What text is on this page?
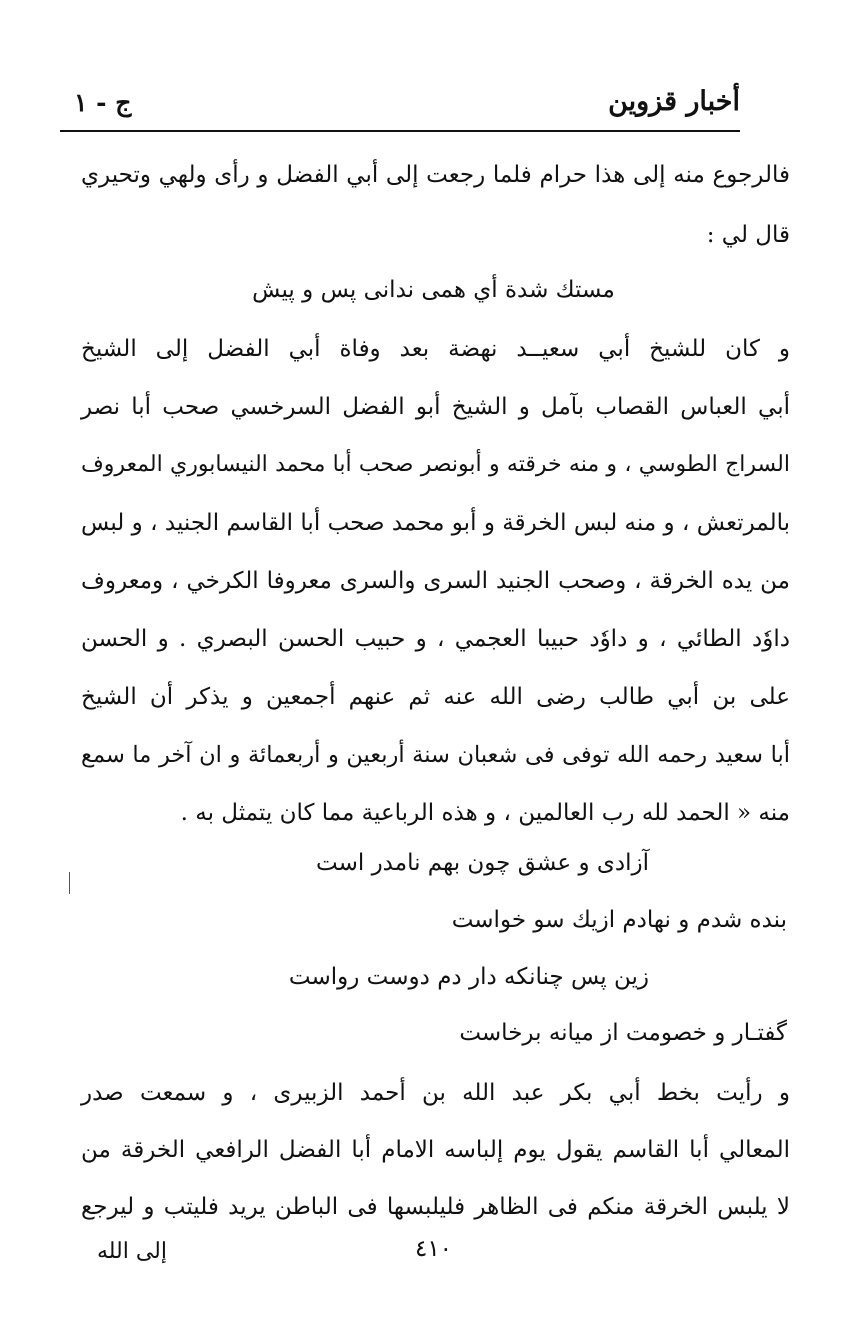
أخبار قزوين
ج - ١
فالرجوع منه إلى هذا حرام فلما رجعت إلى أبي الفضل و رأى ولهي وتحيري
قال لي :
مستك شدة أي همى ندانى پس و پيش
و كان للشيخ أبي سعيــد نهضة بعد وفاة أبي الفضل إلى الشيخ
أبي العباس القصاب بآمل و الشيخ أبو الفضل السرخسي صحب أبا نصر
السراج الطوسي ، و منه خرقته و أبونصر صحب أبا محمد النيسابوري المعروف
بالمرتعش ، و منه لبس الخرقة و أبو محمد صحب أبا القاسم الجنيد ، و لبس
من يده الخرقة ، وصحب الجنيد السرى والسرى معروفا الكرخي ، ومعروف
داوٗد الطائي ، و داوٗد حبيبا العجمي ، و حبيب الحسن البصري . و الحسن
على بن أبي طالب رضى الله عنه ثم عنهم أجمعين و يذكر أن الشيخ
أبا سعيد رحمه الله توفى فى شعبان سنة أربعين و أربعمائة و ان آخر ما سمع
منه « الحمد لله رب العالمين ، و هذه الرباعية مما كان يتمثل به .
آزادى و عشق چون بهم نامدر است
بنده شدم و نهادم ازيك سو خواست
زين پس چنانكه دار دم دوست رواست
گفتـار و خصومت از ميانه برخاست
و رأيت بخط أبي بكر عبد الله بن أحمد الزبيرى ، و سمعت صدر
المعالي أبا القاسم يقول يوم إلباسه الامام أبا الفضل الرافعي الخرقة من
لا يلبس الخرقة منكم فى الظاهر فليلبسها فى الباطن يريد فليتب و ليرجع
٤١٠
إلى الله
